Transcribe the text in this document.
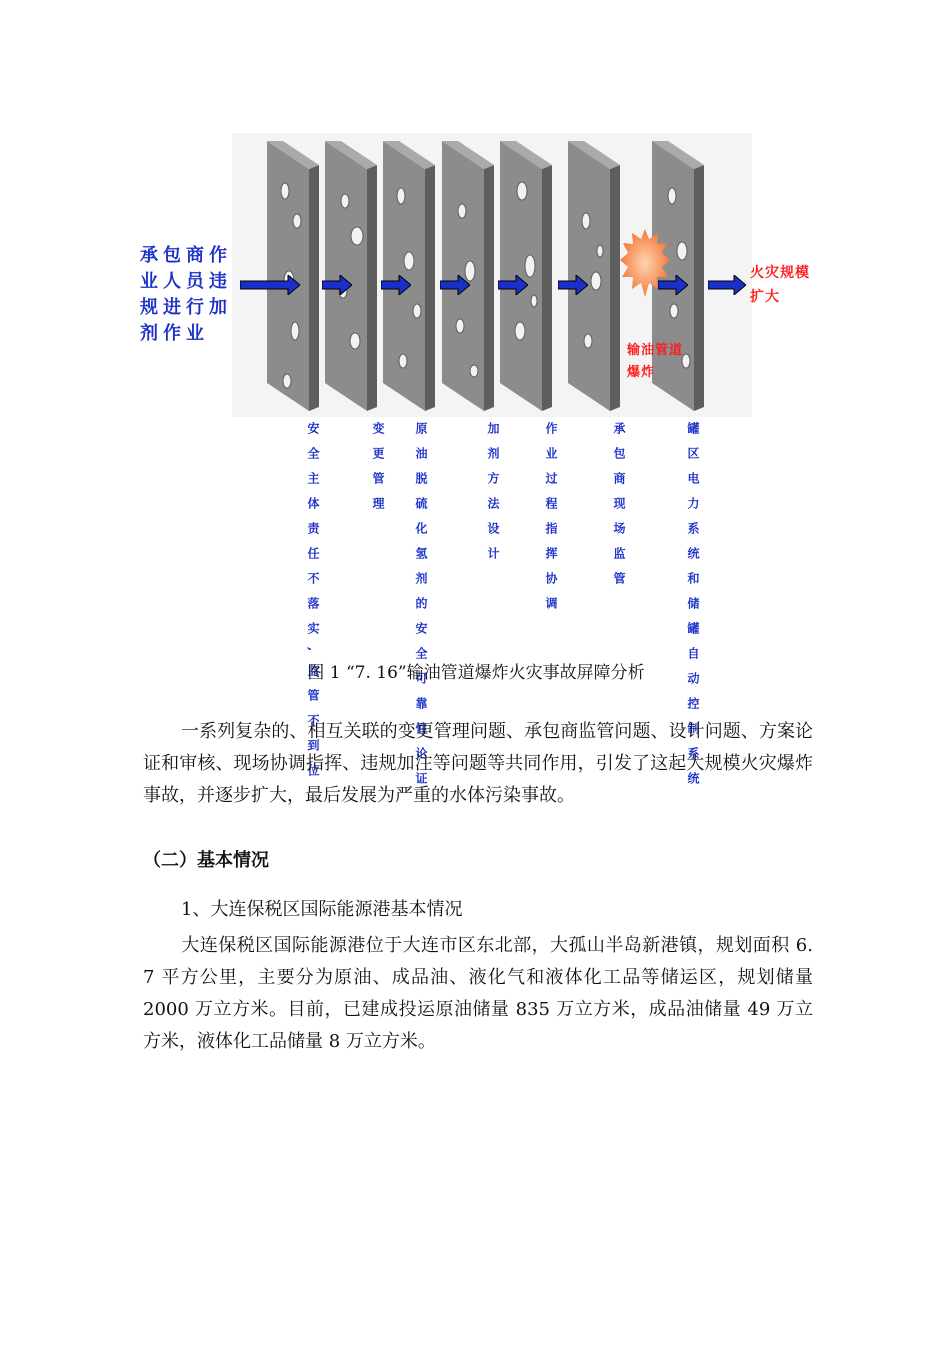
承包商作业人员违规进行加剂作业
火灾规模扩大
输油管道爆炸
安全主体责任不落实,监管不到位	变更管理	原油脱硫化氢剂的安全可靠性论证	加剂方法设计	作业过程指挥协调	承包商现场监管	罐区电力系统和储罐自动控制系统
图 1 “7. 16”输油管道爆炸火灾事故屏障分析
一系列复杂的、相互关联的变更管理问题、承包商监管问题、设计问题、方案论证和审核、现场协调指挥、违规加注等问题等共同作用，引发了这起大规模火灾爆炸事故，并逐步扩大，最后发展为严重的水体污染事故。
（二）基本情况
1、大连保税区国际能源港基本情况
大连保税区国际能源港位于大连市区东北部，大孤山半岛新港镇，规划面积 6. 7 平方公里，主要分为原油、成品油、液化气和液体化工品等储运区，规划储量 2000 万立方米。目前，已建成投运原油储量 835 万立方米，成品油储量 49 万立方米，液体化工品储量 8 万立方米。
